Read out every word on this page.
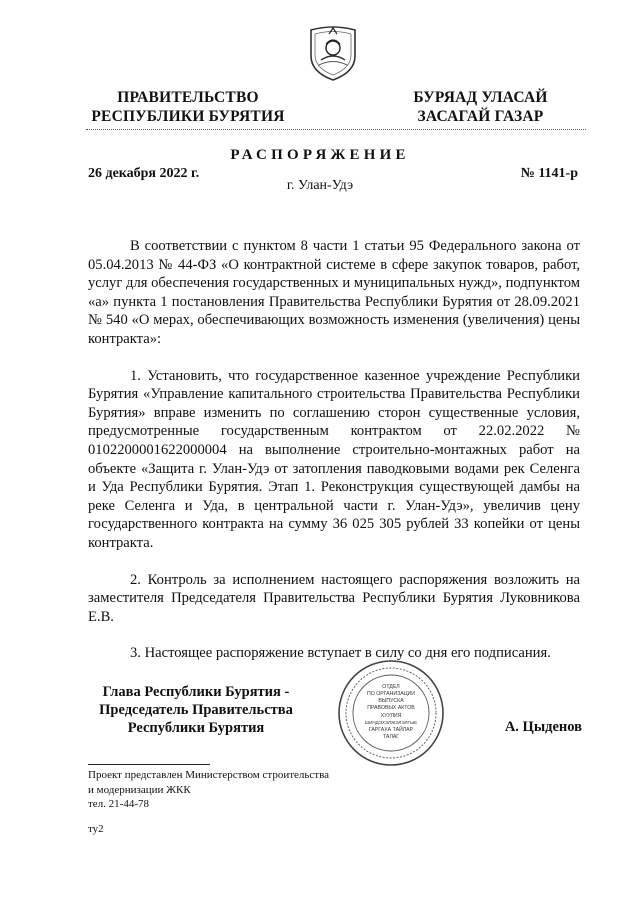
ПРАВИТЕЛЬСТВО
РЕСПУБЛИКИ БУРЯТИЯ
БУРЯАД УЛАСАЙ
ЗАСАГАЙ ГАЗАР
РАСПОРЯЖЕНИЕ
26 декабря 2022 г.	№ 1141-р
г. Улан-Удэ

В соответствии с пунктом 8 части 1 статьи 95 Федерального закона от 05.04.2013 № 44-ФЗ «О контрактной системе в сфере закупок товаров, работ, услуг для обеспечения государственных и муниципальных нужд», подпунктом «а» пункта 1 постановления Правительства Республики Бурятия от 28.09.2021 № 540 «О мерах, обеспечивающих возможность изменения (увеличения) цены контракта»:

1. Установить, что государственное казенное учреждение Республики Бурятия «Управление капитального строительства Правительства Республики Бурятия» вправе изменить по соглашению сторон существенные условия, предусмотренные государственным контрактом от 22.02.2022 № 0102200001622000004 на выполнение строительно-монтажных работ на объекте «Защита г. Улан-Удэ от затопления паводковыми водами рек Селенга и Уда Республики Бурятия. Этап 1. Реконструкция существующей дамбы на реке Селенга и Уда, в центральной части г. Улан-Удэ», увеличив цену государственного контракта на сумму 36 025 305 рублей 33 копейки от цены контракта.

2. Контроль за исполнением настоящего распоряжения возложить на заместителя Председателя Правительства Республики Бурятия Луковникова Е.В.

3. Настоящее распоряжение вступает в силу со дня его подписания.

Глава Республики Бурятия -
Председатель Правительства
Республики Бурятия
ОТДЕЛ
ПО ОРГАНИЗАЦИИ
ВЫПУСКА
ПРАВОВЫХ АКТОВ
ХУУЛИЯ
ШИНДЭХЭЛЖЭЛЭЛГЫЕ
ГАРГАХА ТАЙЛАР
ТАЛАГ
А. Цыденов
Проект представлен Министерством строительства
и модернизации ЖКК
тел. 21-44-78
ту2
